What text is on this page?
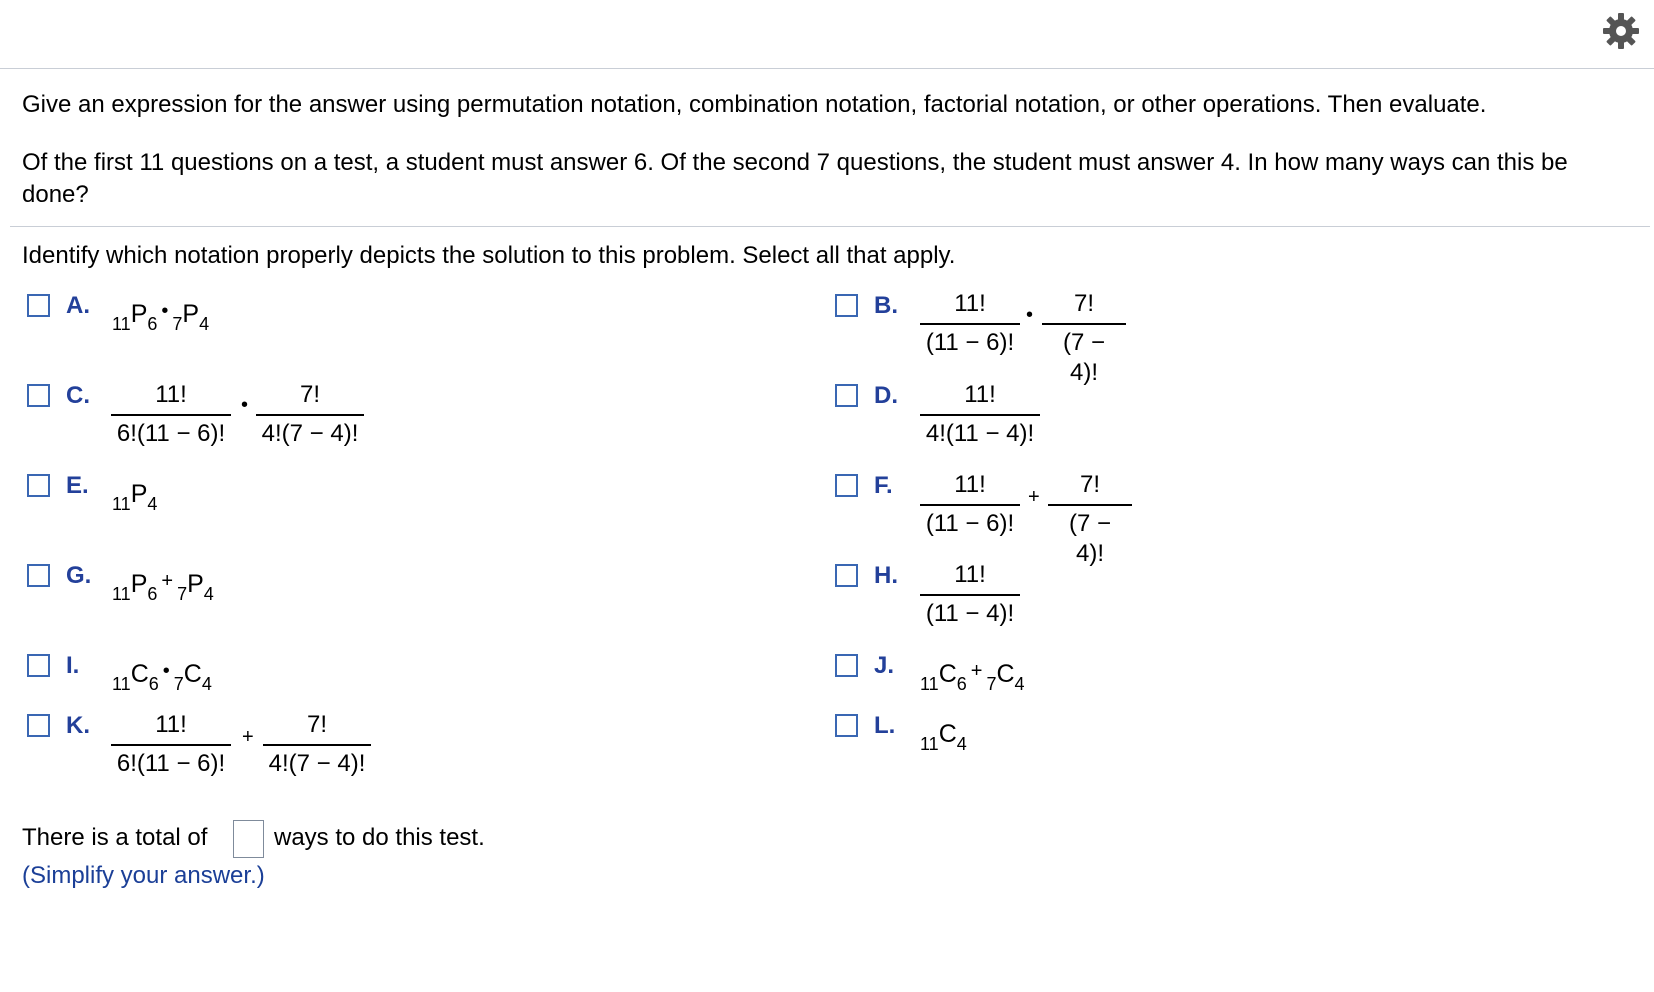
Give an expression for the answer using permutation notation, combination notation, factorial notation, or other operations. Then evaluate.
Of the first 11 questions on a test, a student must answer 6. Of the second 7 questions, the student must answer 4. In how many ways can this be done?
Identify which notation properly depicts the solution to this problem. Select all that apply.
A.
$_{11}P_6^•_7P_4$
B.	11!
(11 − 6)!
•	7!
(7 − 4)!
C.	11!
6!(11 − 6)!
•	7!
4!(7 − 4)!
D.	11!
4!(11 − 4)!
E.
$_{11}P_4$
F.	11!
(11 − 6)!
+	7!
(7 − 4)!
G.
$_{11}P_6^+_7P_4$
H.	11!
(11 − 4)!
I.
$_{11}C_6^•_7C_4$
J.
$_{11}C_6^+_7C_4$
K.	11!
6!(11 − 6)!
+	7!
4!(7 − 4)!
L.
$_{11}C_4$
There is a total of	ways to do this test.
(Simplify your answer.)
